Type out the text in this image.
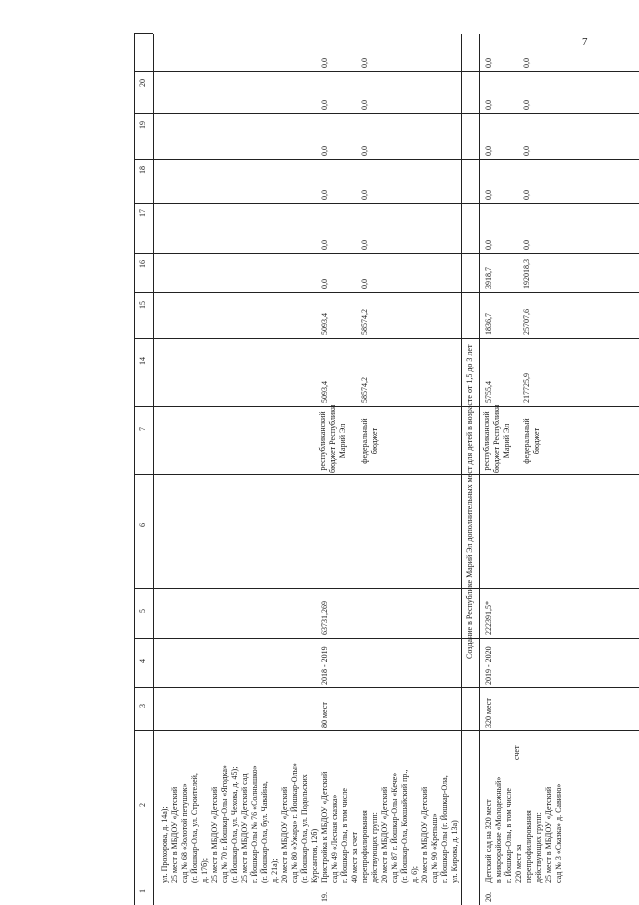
7
1
2
3
4
5
6
7
14
15
16
17
18
19
20
ул. Прохорова, д. 14а); 25 мест в МБДОУ «Детский сад № 68 «Золотой петушок» (г. Йошкар-Ола, ул. Строителей, д. 17б); 25 мест в МБДОУ «Детский сад № 70 г. Йошкар-Олы «Ягодка» (г. Йошкар-Ола, ул. Чехова, д. 45); 25 мест в МБДОУ «Детский сад г. Йошкар-Олы № 76 «Солнышко» (г. Йошкар-Ола, бул. Чавайна, д. 21а); 20 мест в МБДОУ «Детский сад № 80 «Ужара» г. Йошкар-Олы» (г. Йошкар-Ола, ул. Подольских Курсантов, 12б)
19.
Пристройка к МБДОУ «Детский сад № 49 «Лесная сказка» г. Йошкар-Олы, в том числе 40 мест за счет перепрофилирования действующих групп: 20 мест в МБДОУ «Детский сад № 87 г. Йошкар-Олы «Кече» (г. Йошкар-Ола, Кокшайский пр., д. 6); 20 мест в МБДОУ «Детский сад № 90 «Крепыш» г. Йошкар-Олы (г. Йошкар-Ола, ул. Кирова, д. 13а)
80 мест
2018 - 2019
63731,269
республиканский бюджет Республики Марий Эл федеральный бюджет
5093,4
5093,4
0,0
0,0
0,0
0,0
0,0
0,0
58574,2
58574,2
0,0
0,0
0,0
0,0
0,0
0,0
Создание в Республике Марий Эл дополнительных мест для детей в возрасте от 1,5 до 3 лет
20.
Детский сад на 320 мест в микрорайоне «Молодежный» г. Йошкар-Олы, в том числе 220 мест за
счет
перепрофилирования действующих групп: 25 мест в МБДОУ «Детский сад № 3 «Сказка» д. Савино»
320 мест
2019 - 2020
222391,5*
республиканский бюджет Республики Марий Эл федеральный бюджет
5755,4
1836,7
3918,7
0,0
0,0
0,0
0,0
0,0
217725,9
25707,6
192018,3
0,0
0,0
0,0
0,0
0,0
